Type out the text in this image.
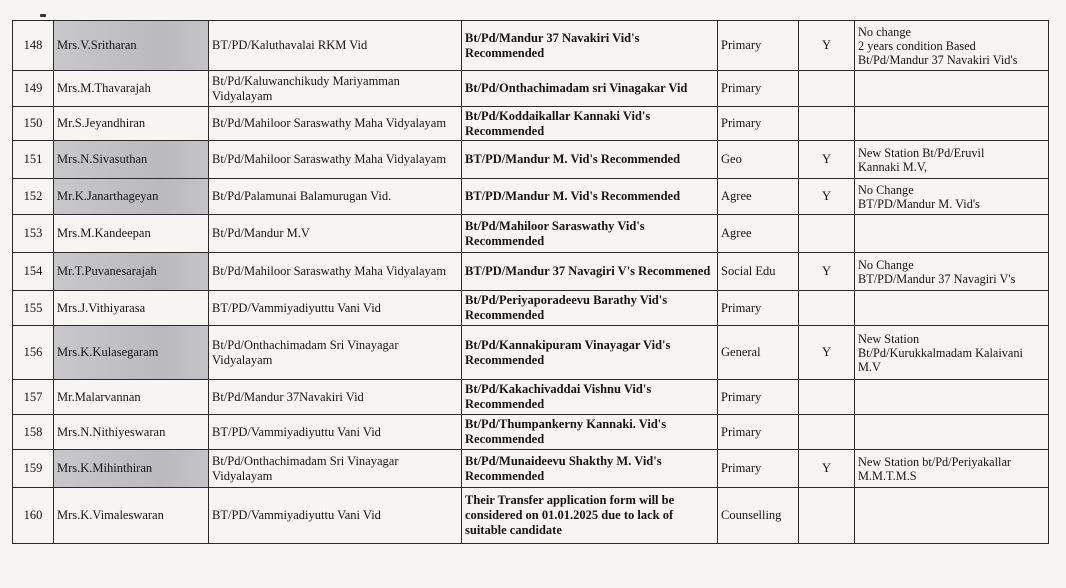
148	Mrs.V.Sritharan	BT/PD/Kaluthavalai RKM Vid	Bt/Pd/Mandur 37 Navakiri Vid's Recommended	Primary	Y	No change
2 years condition Based
Bt/Pd/Mandur 37 Navakiri Vid's
149	Mrs.M.Thavarajah	Bt/Pd/Kaluwanchikudy Mariyamman Vidyalayam	Bt/Pd/Onthachimadam sri Vinagakar Vid	Primary		
150	Mr.S.Jeyandhiran	Bt/Pd/Mahiloor Saraswathy Maha Vidyalayam	Bt/Pd/Koddaikallar Kannaki Vid's Recommended	Primary		
151	Mrs.N.Sivasuthan	Bt/Pd/Mahiloor Saraswathy Maha Vidyalayam	BT/PD/Mandur M. Vid's Recommended	Geo	Y	New Station Bt/Pd/Eruvil
Kannaki M.V,
152	Mr.K.Janarthageyan	Bt/Pd/Palamunai Balamurugan Vid.	BT/PD/Mandur M. Vid's Recommended	Agree	Y	No Change
BT/PD/Mandur M. Vid's
153	Mrs.M.Kandeepan	Bt/Pd/Mandur M.V	Bt/Pd/Mahiloor Saraswathy Vid's Recommended	Agree		
154	Mr.T.Puvanesarajah	Bt/Pd/Mahiloor Saraswathy Maha Vidyalayam	BT/PD/Mandur 37 Navagiri V's Recommened	Social Edu	Y	No Change
BT/PD/Mandur 37 Navagiri V's
155	Mrs.J.Vithiyarasa	BT/PD/Vammiyadiyuttu Vani Vid	Bt/Pd/Periyaporadeevu Barathy Vid's Recommended	Primary		
156	Mrs.K.Kulasegaram	Bt/Pd/Onthachimadam Sri Vinayagar Vidyalayam	Bt/Pd/Kannakipuram Vinayagar Vid's Recommended	General	Y	New Station
Bt/Pd/Kurukkalmadam Kalaivani
M.V
157	Mr.Malarvannan	Bt/Pd/Mandur 37Navakiri Vid	Bt/Pd/Kakachivaddai Vishnu Vid's Recommended	Primary		
158	Mrs.N.Nithiyeswaran	BT/PD/Vammiyadiyuttu Vani Vid	Bt/Pd/Thumpankerny Kannaki. Vid's Recommended	Primary		
159	Mrs.K.Mihinthiran	Bt/Pd/Onthachimadam Sri Vinayagar Vidyalayam	Bt/Pd/Munaideevu Shakthy M. Vid's Recommended	Primary	Y	New Station bt/Pd/Periyakallar
M.M.T.M.S
160	Mrs.K.Vimaleswaran	BT/PD/Vammiyadiyuttu Vani Vid	Their Transfer application form will be considered on 01.01.2025 due to lack of suitable candidate	Counselling		
